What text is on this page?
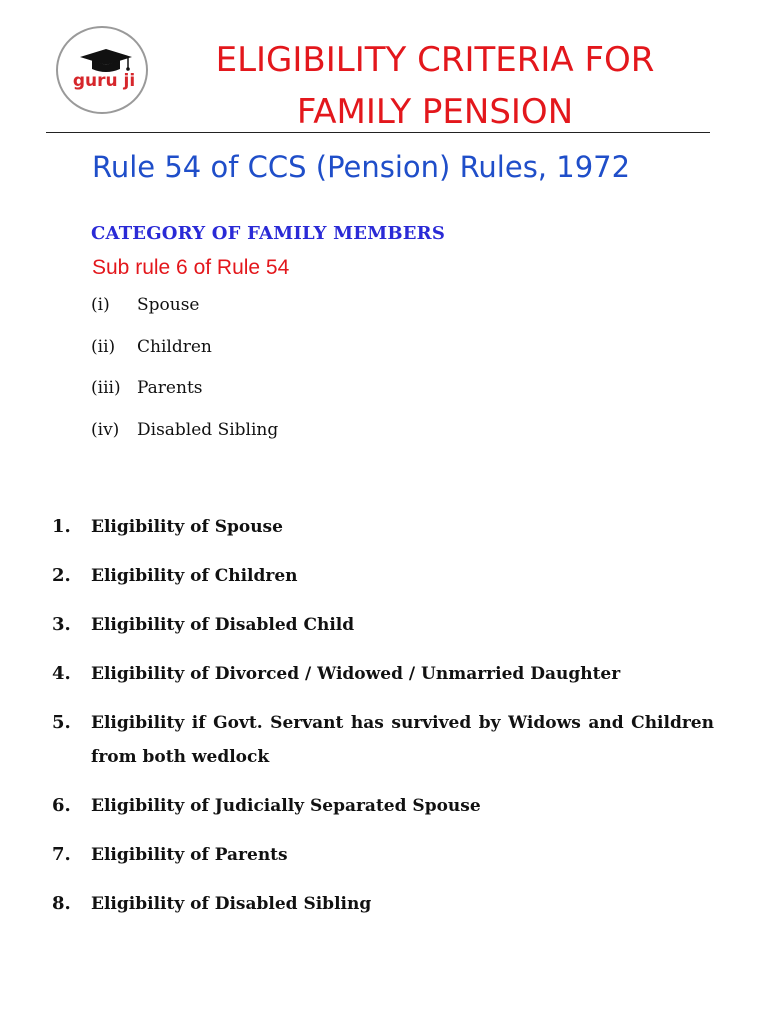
guru ji
ELIGIBILITY CRITERIA FOR
FAMILY PENSION
Rule 54 of CCS (Pension) Rules, 1972
CATEGORY OF FAMILY MEMBERS
Sub rule 6 of Rule 54
(i) Spouse
(ii) Children
(iii) Parents
(iv) Disabled Sibling
1. Eligibility of Spouse
2. Eligibility of Children
3. Eligibility of Disabled Child
4. Eligibility of Divorced / Widowed / Unmarried Daughter
5. Eligibility if Govt. Servant has survived by Widows and Children from both wedlock
6. Eligibility of Judicially Separated Spouse
7. Eligibility of Parents
8. Eligibility of Disabled Sibling
